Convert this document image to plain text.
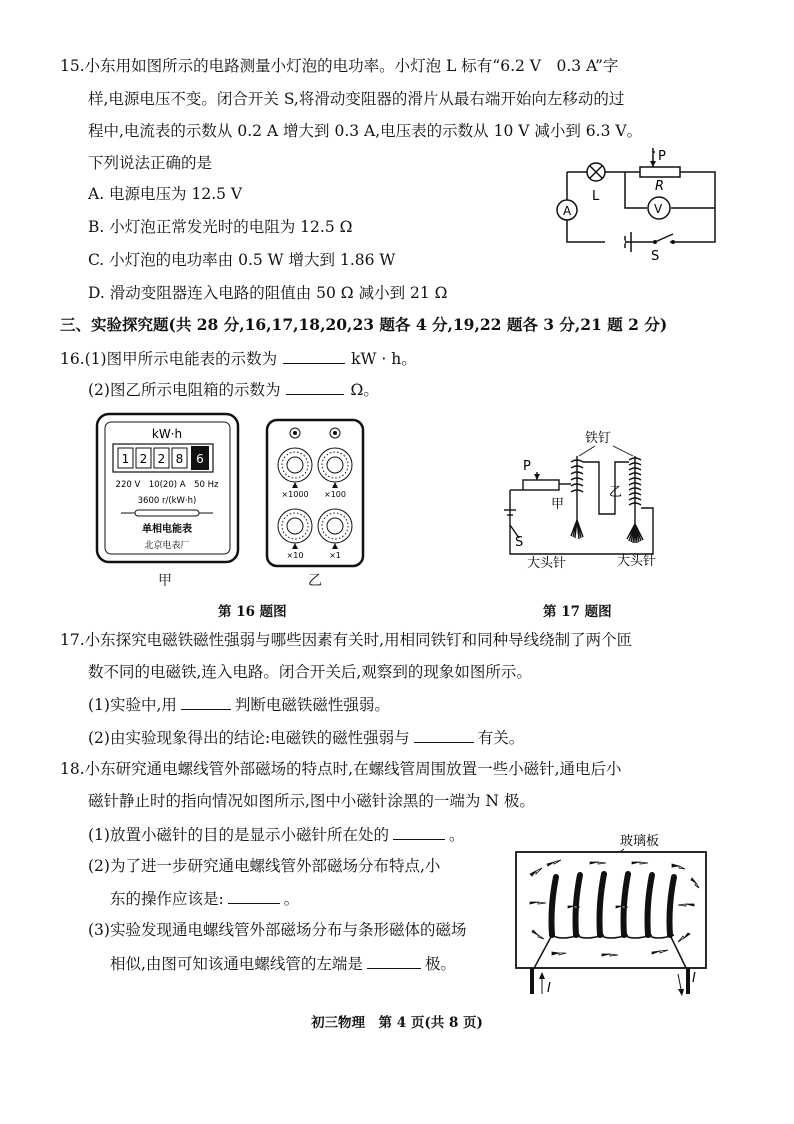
15.小东用如图所示的电路测量小灯泡的电功率。小灯泡 L 标有“6.2 V　0.3 A”字
样,电源电压不变。闭合开关 S,将滑动变阻器的滑片从最右端开始向左移动的过
程中,电流表的示数从 0.2 A 增大到 0.3 A,电压表的示数从 10 V 减小到 6.3 V。
下列说法正确的是
A. 电源电压为 12.5 V
B. 小灯泡正常发光时的电阻为 12.5 Ω
C. 小灯泡的电功率由 0.5 W 增大到 1.86 W
D. 滑动变阻器连入电路的阻值由 50 Ω 减小到 21 Ω
P
R
L
A	V
S
三、实验探究题(共 28 分,16,17,18,20,23 题各 4 分,19,22 题各 3 分,21 题 2 分)
16.(1)图甲所示电能表的示数为	kW · h。
(2)图乙所示电阻箱的示数为	Ω。
kW·h
1 2 2 8 6
220 V　10(20) A　50 Hz
3600 r/(kW·h)
单相电能表
北京电表厂
甲
×1000 ×100
×10	×1
乙
第 16 题图
P
铁钉
甲
乙
S
大头针	大头针
第 17 题图
17.小东探究电磁铁磁性强弱与哪些因素有关时,用相同铁钉和同种导线绕制了两个匝
数不同的电磁铁,连入电路。闭合开关后,观察到的现象如图所示。
(1)实验中,用	判断电磁铁磁性强弱。
(2)由实验现象得出的结论:电磁铁的磁性强弱与	有关。
18.小东研究通电螺线管外部磁场的特点时,在螺线管周围放置一些小磁针,通电后小
磁针静止时的指向情况如图所示,图中小磁针涂黑的一端为 N 极。
(1)放置小磁针的目的是显示小磁针所在处的	。
(2)为了进一步研究通电螺线管外部磁场分布特点,小
东的操作应该是:	。
(3)实验发现通电螺线管外部磁场分布与条形磁体的磁场
相似,由图可知该通电螺线管的左端是	极。
玻璃板
I
I
初三物理　第 4 页(共 8 页)
